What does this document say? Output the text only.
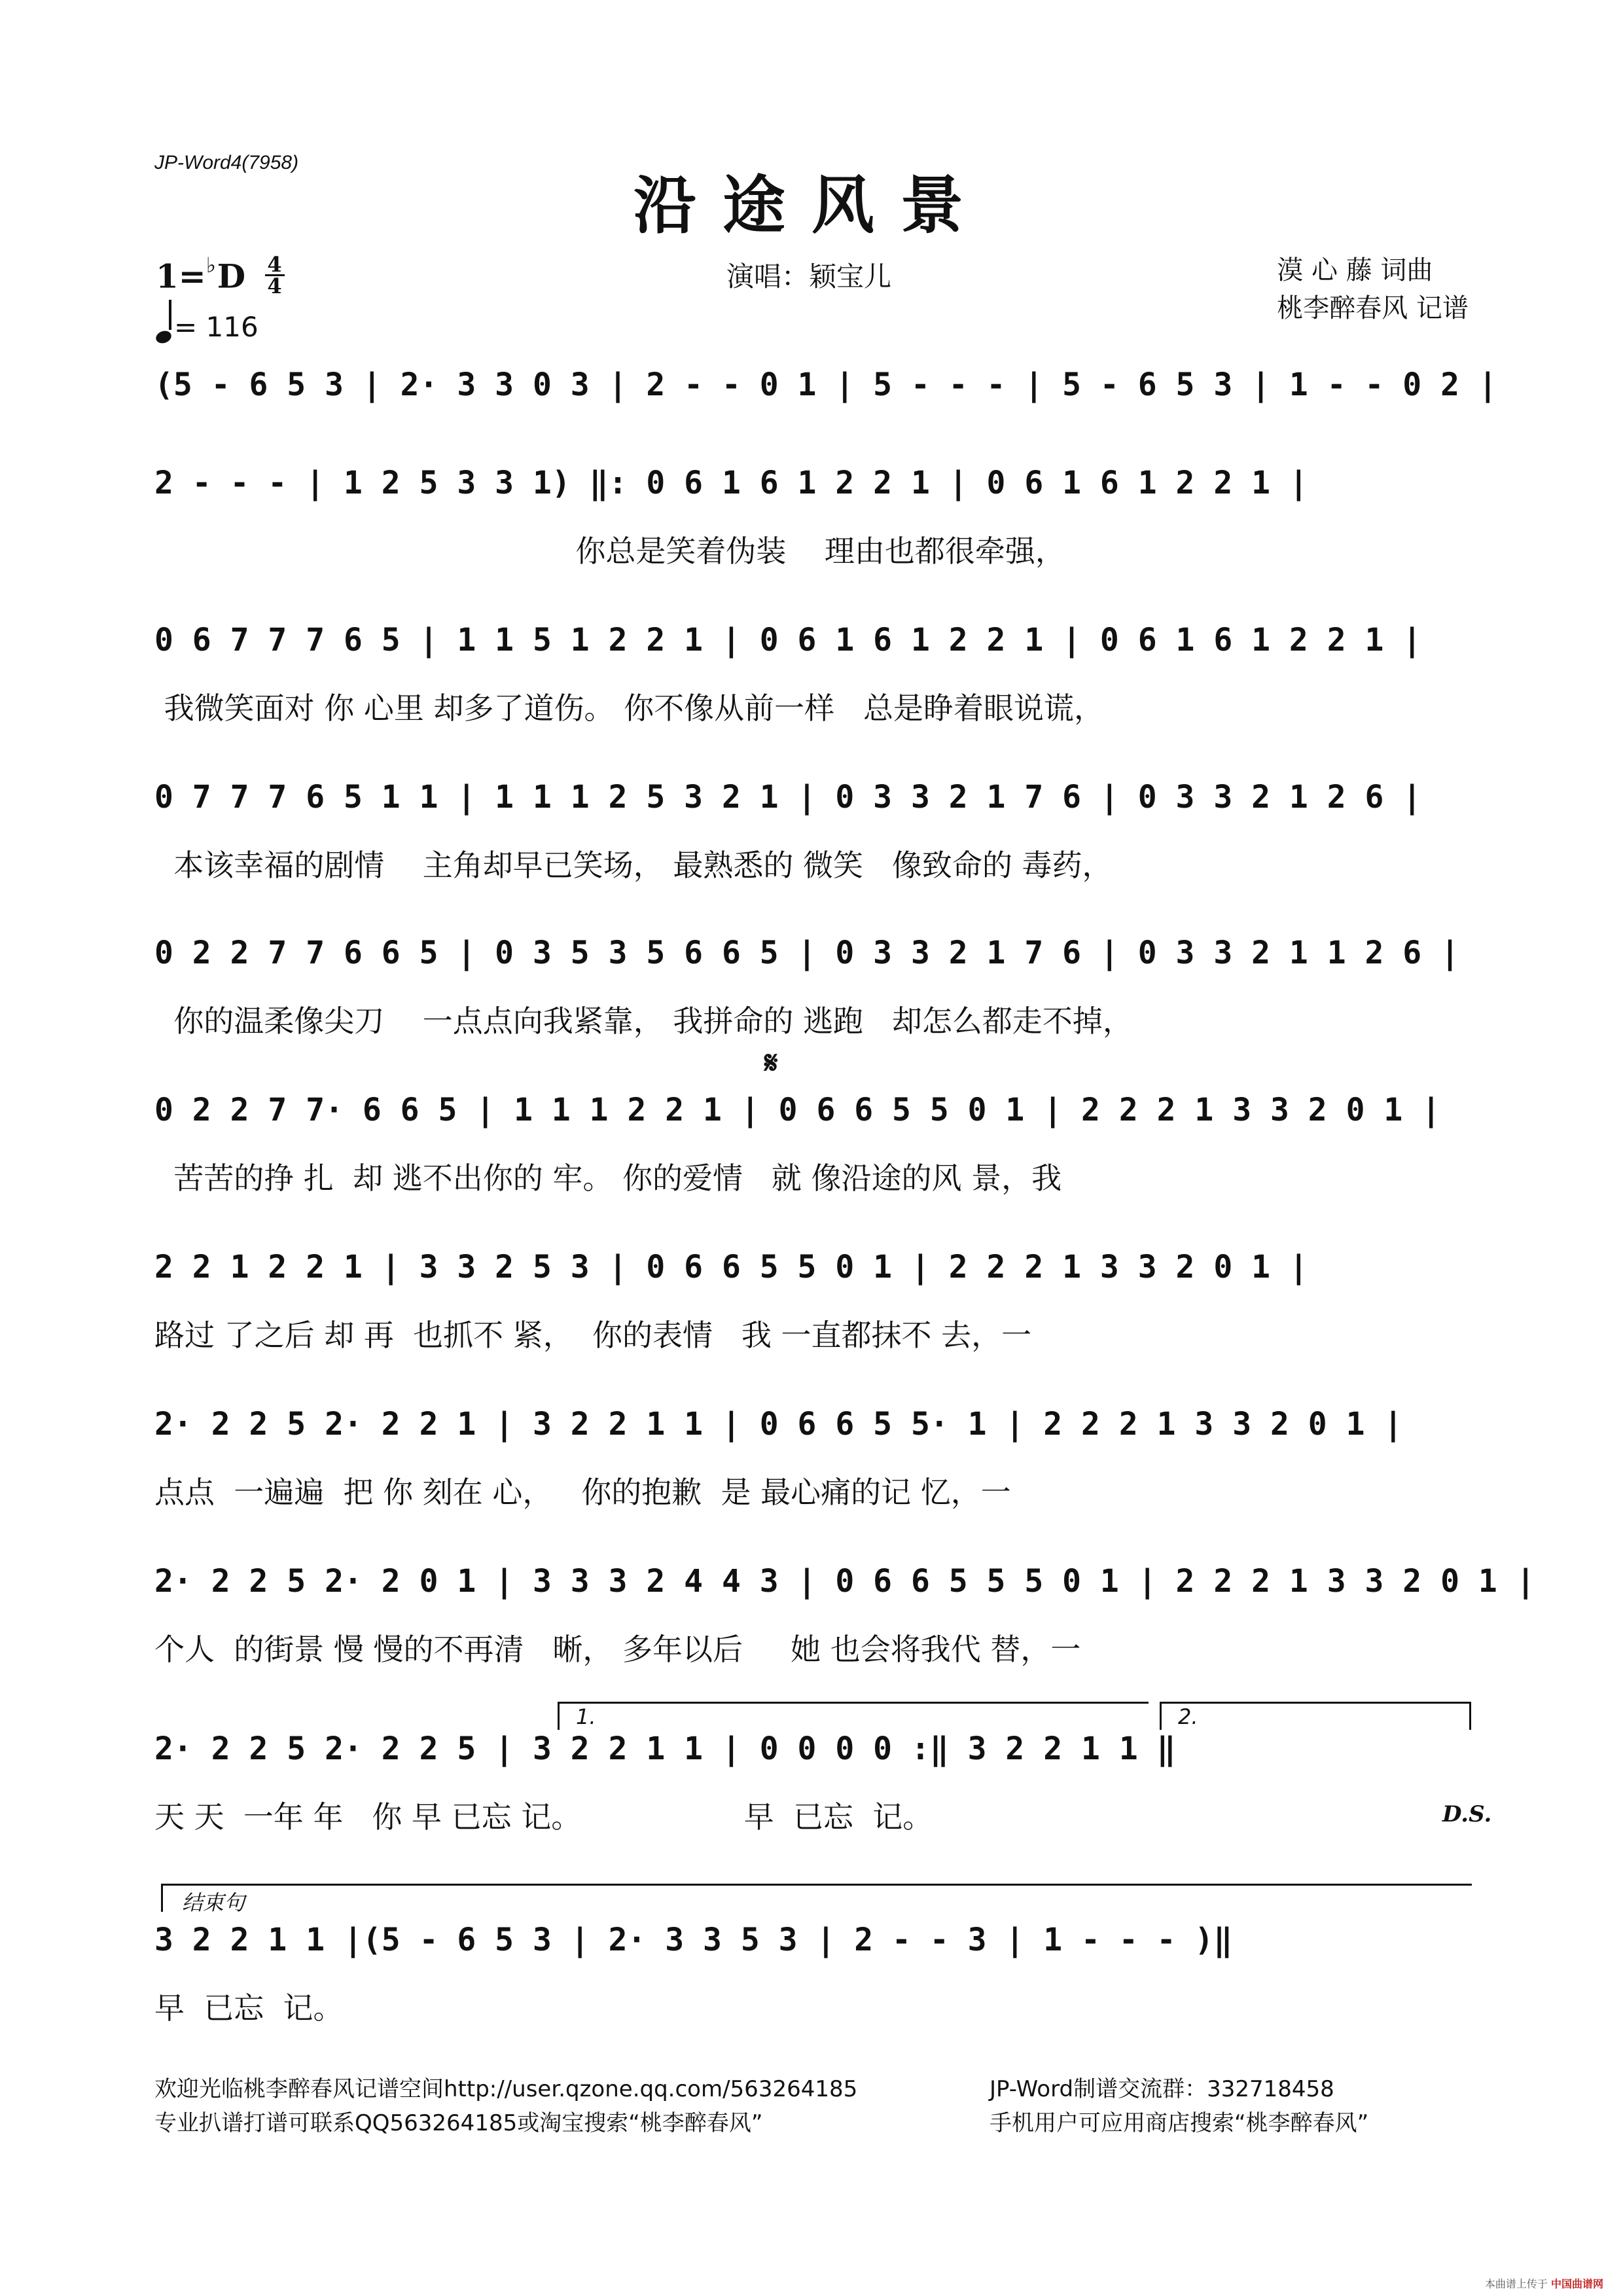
JP-Word4(7958)
沿途风景
$1=^♭D \frac{4}{4}$
= 116
演唱：颖宝儿	漠 心 藤 词曲
桃李醉春风 记谱
(5 - 6 5 3 | 2· 3 3 0 3 | 2 - - 0 1 | 5 - - - | 5 - 6 5 3 | 1 - - 0 2 |
2 - - - | 1 2 5 3 3 1) ‖: 0 6 1 6 1 2 2 1 | 0 6 1 6 1 2 2 1 |
你总是笑着伪装    理由也都很牵强，
0 6 7 7 7 6 5 | 1 1 5 1 2 2 1 | 0 6 1 6 1 2 2 1 | 0 6 1 6 1 2 2 1 |
我微笑面对 你 心里 却多了道伤。 你不像从前一样   总是睁着眼说谎，
0 7 7 7 6 5 1 1 | 1 1 1 2 5 3 2 1 | 0 3 3 2 1 7 6 | 0 3 3 2 1 2 6 |
本该幸福的剧情    主角却早已笑场， 最熟悉的 微笑   像致命的 毒药，
0 2 2 7 7 6 6 5 | 0 3 5 3 5 6 6 5 | 0 3 3 2 1 7 6 | 0 3 3 2 1 1 2 6 |
你的温柔像尖刀    一点点向我紧靠， 我拼命的 逃跑   却怎么都走不掉，
𝄋
0 2 2 7 7· 6 6 5 | 1 1 1 2 2 1 | 0 6 6 5 5 0 1 | 2 2 2 1 3 3 2 0 1 |
苦苦的挣 扎  却 逃不出你的 牢。 你的爱情   就 像沿途的风 景，我
2 2 1 2 2 1 | 3 3 2 5 3 | 0 6 6 5 5 0 1 | 2 2 2 1 3 3 2 0 1 |
路过 了之后 却 再  也抓不 紧，  你的表情   我 一直都抹不 去，一
2· 2 2 5 2· 2 2 1 | 3 2 2 1 1 | 0 6 6 5 5· 1 | 2 2 2 1 3 3 2 0 1 |
点点  一遍遍  把 你 刻在 心，   你的抱歉  是 最心痛的记 忆，一
2· 2 2 5 2· 2 0 1 | 3 3 3 2 4 4 3 | 0 6 6 5 5 5 0 1 | 2 2 2 1 3 3 2 0 1 |
个人  的街景 慢 慢的不再清   晰， 多年以后     她 也会将我代 替，一
1.	2.
2· 2 2 5 2· 2 2 5 | 3 2 2 1 1 | 0 0 0 0 :‖ 3 2 2 1 1 ‖
天 天  一年 年   你 早 已忘 记。                 早  已忘  记。	D.S.
结束句
3 2 2 1 1 |(5 - 6 5 3 | 2· 3 3 5 3 | 2 - - 3 | 1 - - - )‖
早  已忘  记。
欢迎光临桃李醉春风记谱空间http://user.qzone.qq.com/563264185
专业扒谱打谱可联系QQ563264185或淘宝搜索“桃李醉春风”
JP-Word制谱交流群：332718458
手机用户可应用商店搜索“桃李醉春风”
本曲谱上传于 中国曲谱网
